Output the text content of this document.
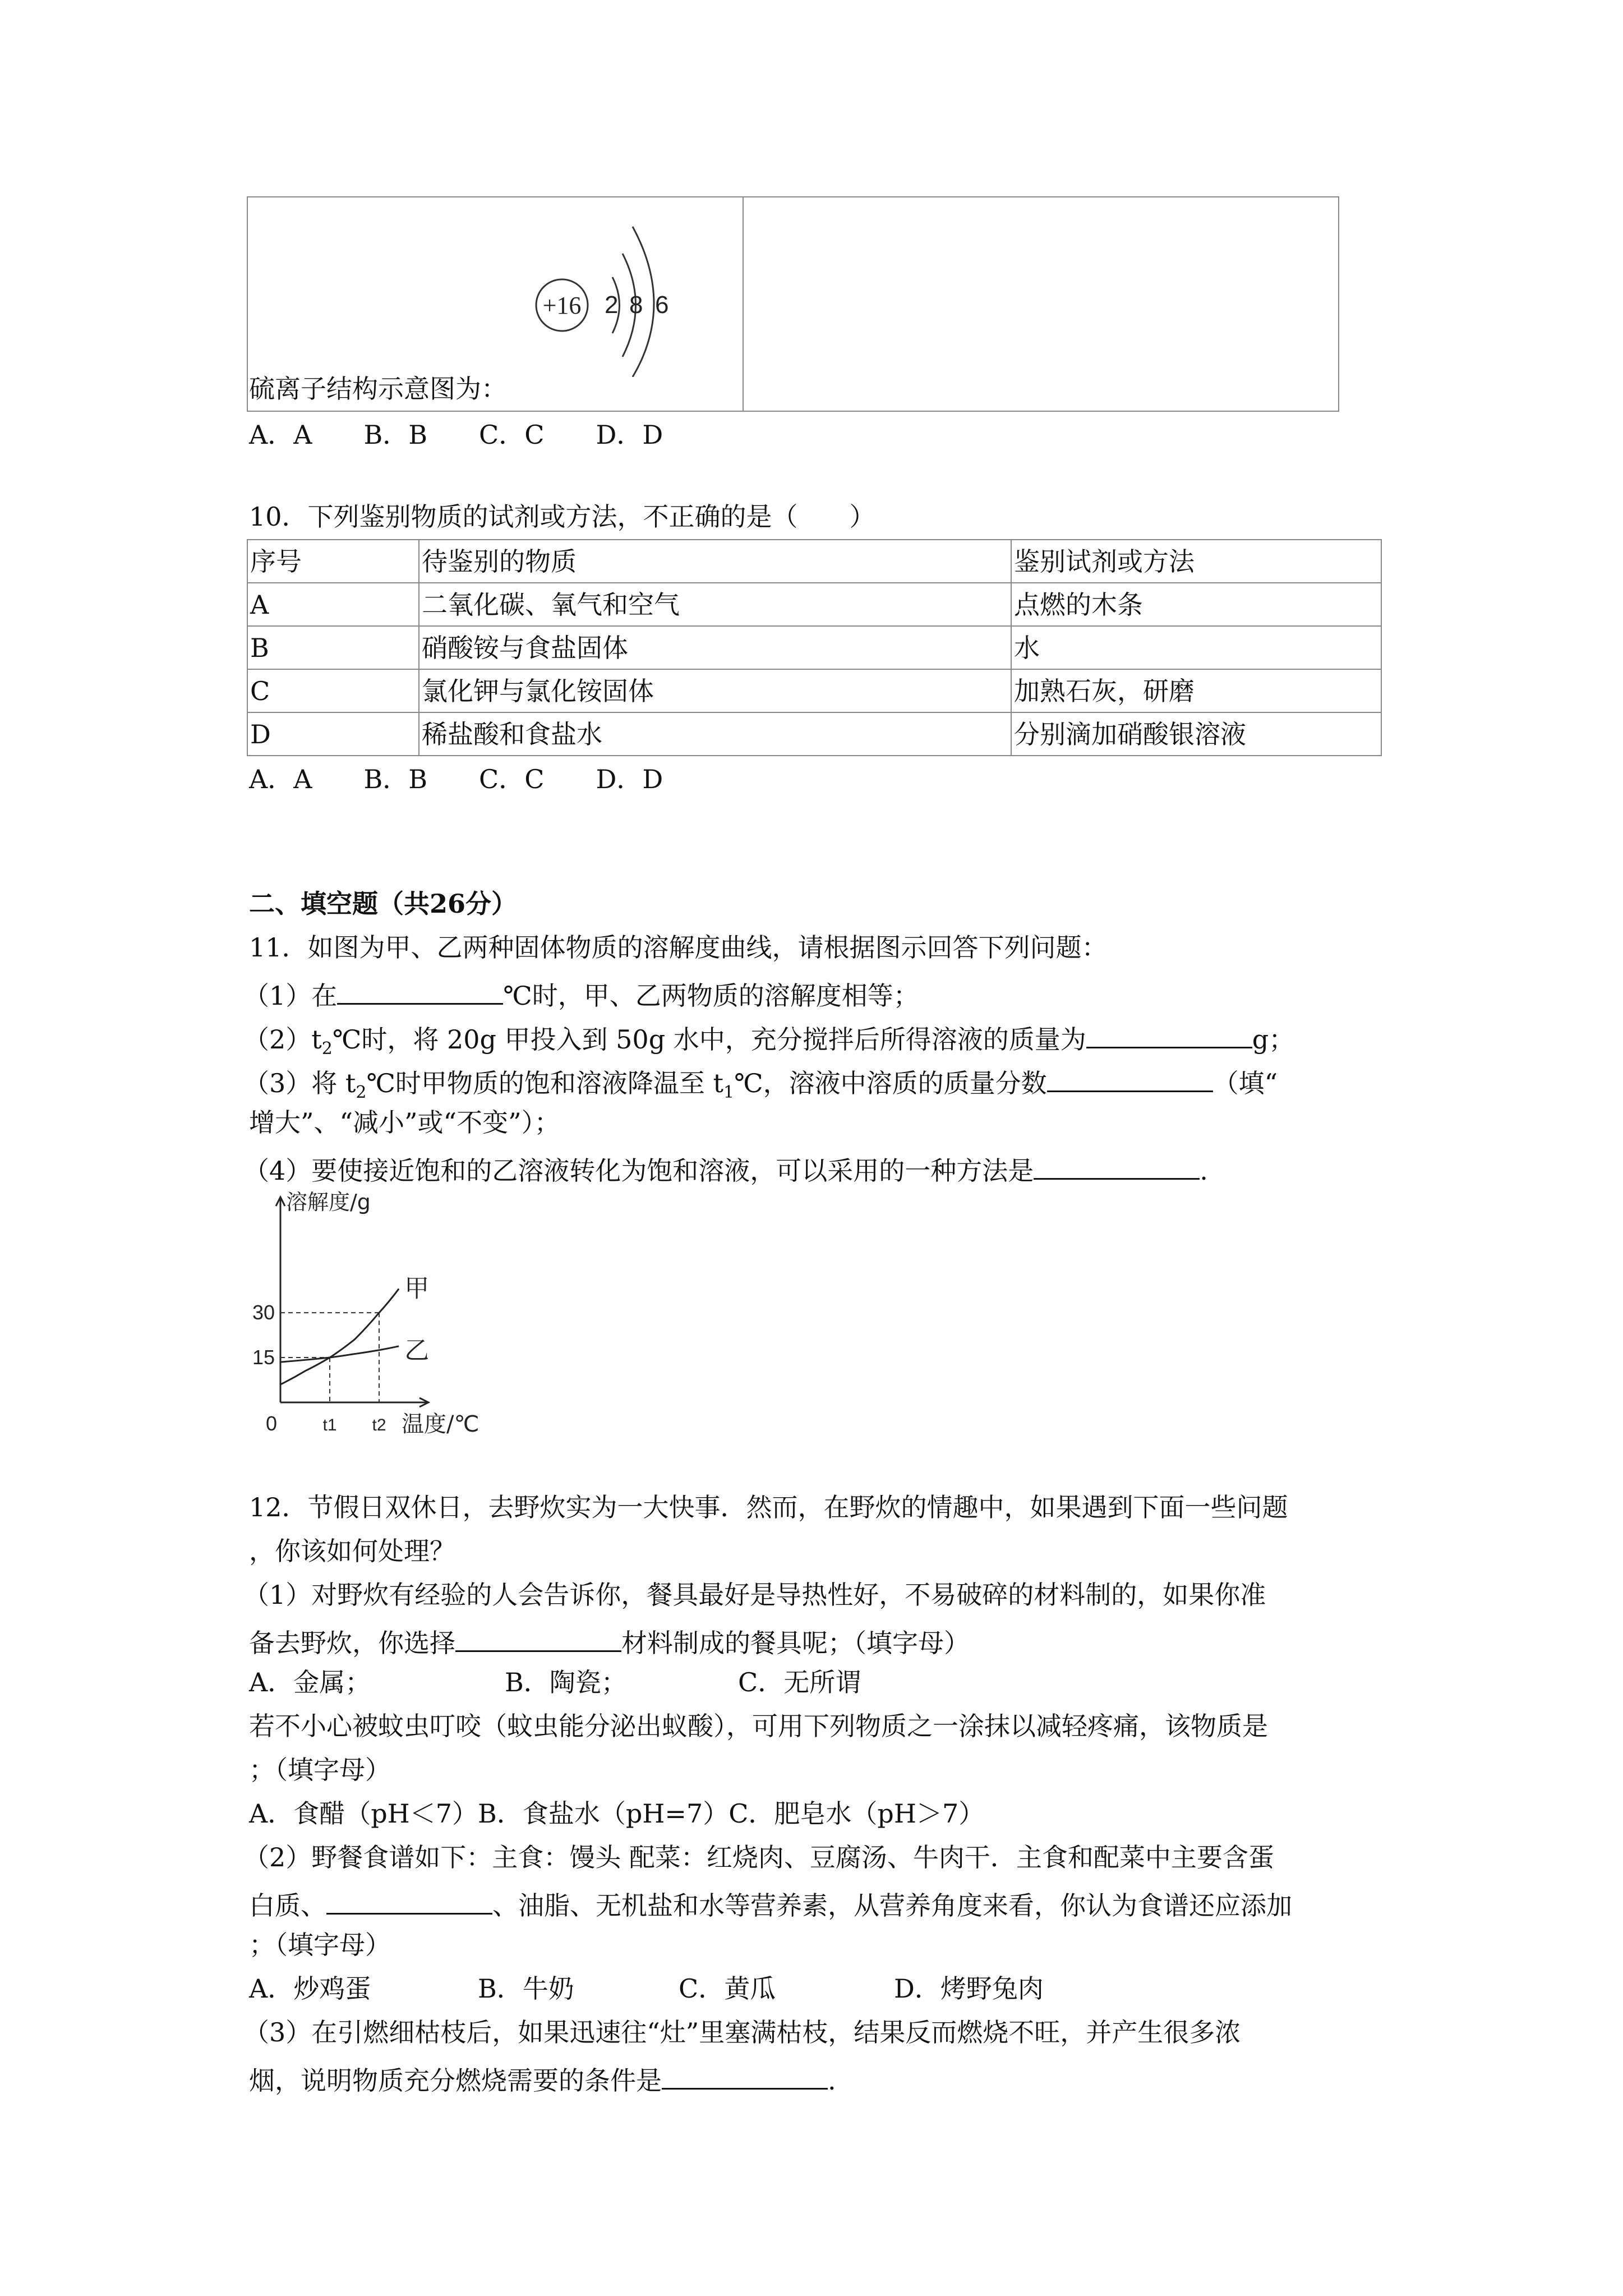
+16 2 8 6
硫离子结构示意图为：
A．A　　B．B　　C．C　　D．D
10．下列鉴别物质的试剂或方法，不正确的是（　　）
序号	待鉴别的物质	鉴别试剂或方法
A	二氧化碳、氧气和空气	点燃的木条
B	硝酸铵与食盐固体	水
C	氯化钾与氯化铵固体	加熟石灰，研磨
D	稀盐酸和食盐水	分别滴加硝酸银溶液
A．A　　B．B　　C．C　　D．D
二、填空题（共26分）
11．如图为甲、乙两种固体物质的溶解度曲线，请根据图示回答下列问题：
（1）在	℃时，甲、乙两物质的溶解度相等；
$(2)t_2℃$时，将 20g 甲投入到 50g 水中，充分搅拌后所得溶液的质量为	g；
（3）将 $t_2℃$时甲物质的饱和溶液降温至 $t_1℃$，溶液中溶质的质量分数	（填“
增大”、“减小”或“不变”）；
（4）要使接近饱和的乙溶液转化为饱和溶液，可以采用的一种方法是	.
甲
乙
15
30
0	t1 t2 温度/℃
溶解度/g
12．节假日双休日，去野炊实为一大快事．然而，在野炊的情趣中，如果遇到下面一些问题
，你该如何处理？
（1）对野炊有经验的人会告诉你，餐具最好是导热性好，不易破碎的材料制的，如果你准
备去野炊，你选择	材料制成的餐具呢；（填字母）
A．金属；	B．陶瓷；	C．无所谓
若不小心被蚊虫叮咬（蚊虫能分泌出蚁酸），可用下列物质之一涂抹以减轻疼痛，该物质是
；（填字母）
A．食醋（pH＜7）B．食盐水（pH=7）C．肥皂水（pH＞7）
（2）野餐食谱如下：主食：馒头 配菜：红烧肉、豆腐汤、牛肉干．主食和配菜中主要含蛋
白质、	、油脂、无机盐和水等营养素，从营养角度来看，你认为食谱还应添加
；（填字母）
A．炒鸡蛋	B．牛奶	C．黄瓜	D．烤野兔肉
（3）在引燃细枯枝后，如果迅速往“灶”里塞满枯枝，结果反而燃烧不旺，并产生很多浓
烟，说明物质充分燃烧需要的条件是	.
